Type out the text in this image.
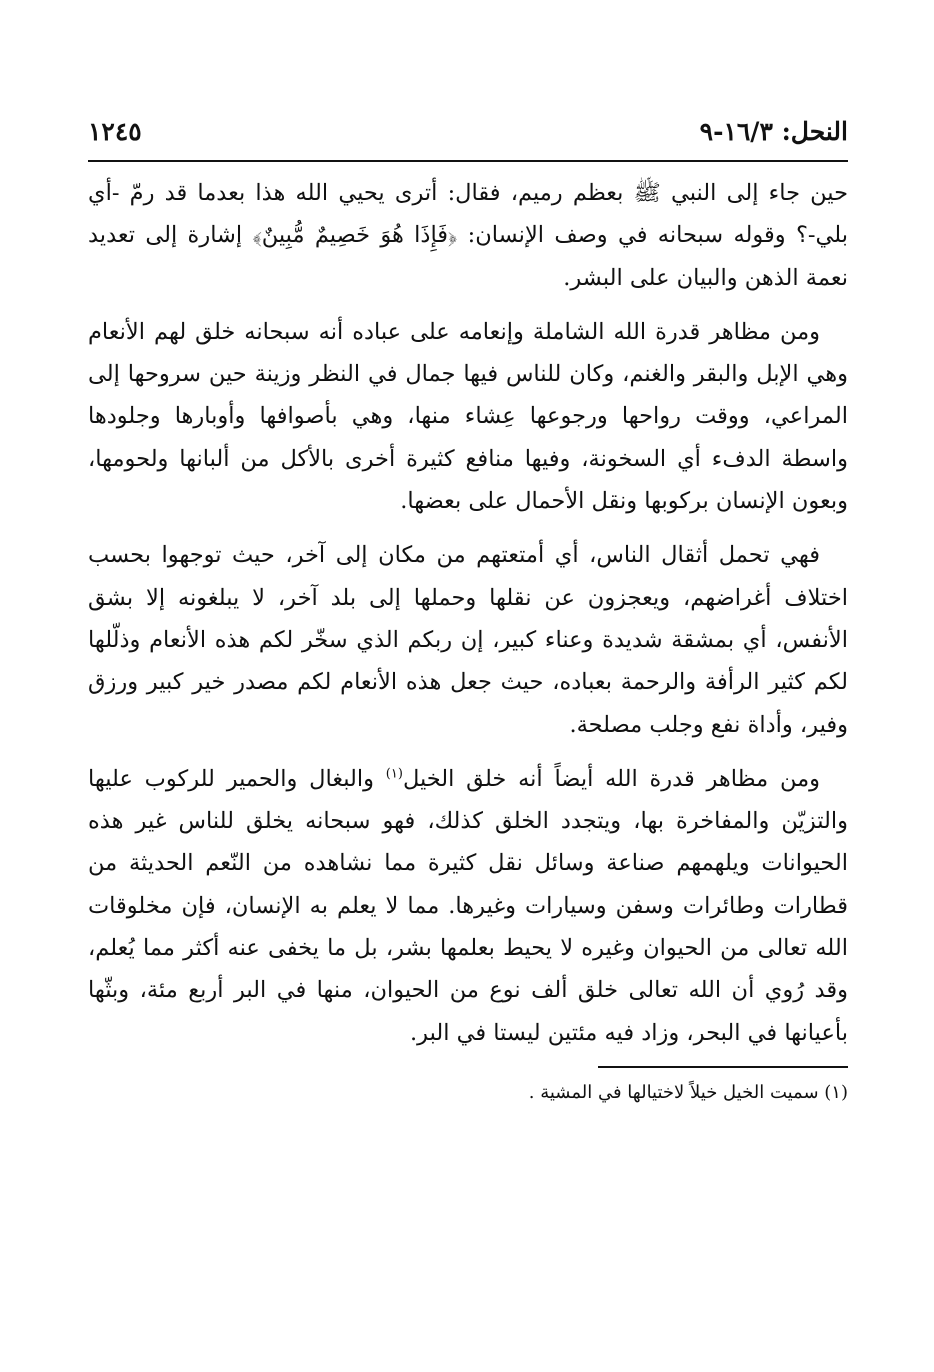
النحل: ١٦/٣-٩
١٢٤٥

حين جاء إلى النبي ﷺ بعظم رميم، فقال: أترى يحيي الله هذا بعدما قد رمّ -أي بلي-؟ وقوله سبحانه في وصف الإنسان: ﴿فَإِذَا هُوَ خَصِيمٌ مُّبِينٌ﴾ إشارة إلى تعديد نعمة الذهن والبيان على البشر.

ومن مظاهر قدرة الله الشاملة وإنعامه على عباده أنه سبحانه خلق لهم الأنعام وهي الإبل والبقر والغنم، وكان للناس فيها جمال في النظر وزينة حين سروحها إلى المراعي، ووقت رواحها ورجوعها عِشاء منها، وهي بأصوافها وأوبارها وجلودها واسطة الدفء أي السخونة، وفيها منافع كثيرة أخرى بالأكل من ألبانها ولحومها، وبعون الإنسان بركوبها ونقل الأحمال على بعضها.

فهي تحمل أثقال الناس، أي أمتعتهم من مكان إلى آخر، حيث توجهوا بحسب اختلاف أغراضهم، ويعجزون عن نقلها وحملها إلى بلد آخر، لا يبلغونه إلا بشق الأنفس، أي بمشقة شديدة وعناء كبير، إن ربكم الذي سخّر لكم هذه الأنعام وذلّلها لكم كثير الرأفة والرحمة بعباده، حيث جعل هذه الأنعام لكم مصدر خير كبير ورزق وفير، وأداة نفع وجلب مصلحة.

ومن مظاهر قدرة الله أيضاً أنه خلق الخيل$^{(١)}$ والبغال والحمير للركوب عليها والتزيّن والمفاخرة بها، ويتجدد الخلق كذلك، فهو سبحانه يخلق للناس غير هذه الحيوانات ويلهمهم صناعة وسائل نقل كثيرة مما نشاهده من النّعم الحديثة من قطارات وطائرات وسفن وسيارات وغيرها. مما لا يعلم به الإنسان، فإن مخلوقات الله تعالى من الحيوان وغيره لا يحيط بعلمها بشر، بل ما يخفى عنه أكثر مما يُعلم، وقد رُوي أن الله تعالى خلق ألف نوع من الحيوان، منها في البر أربع مئة، وبثّها بأعيانها في البحر، وزاد فيه مئتين ليستا في البر.

(١) سميت الخيل خيلاً لاختيالها في المشية .
